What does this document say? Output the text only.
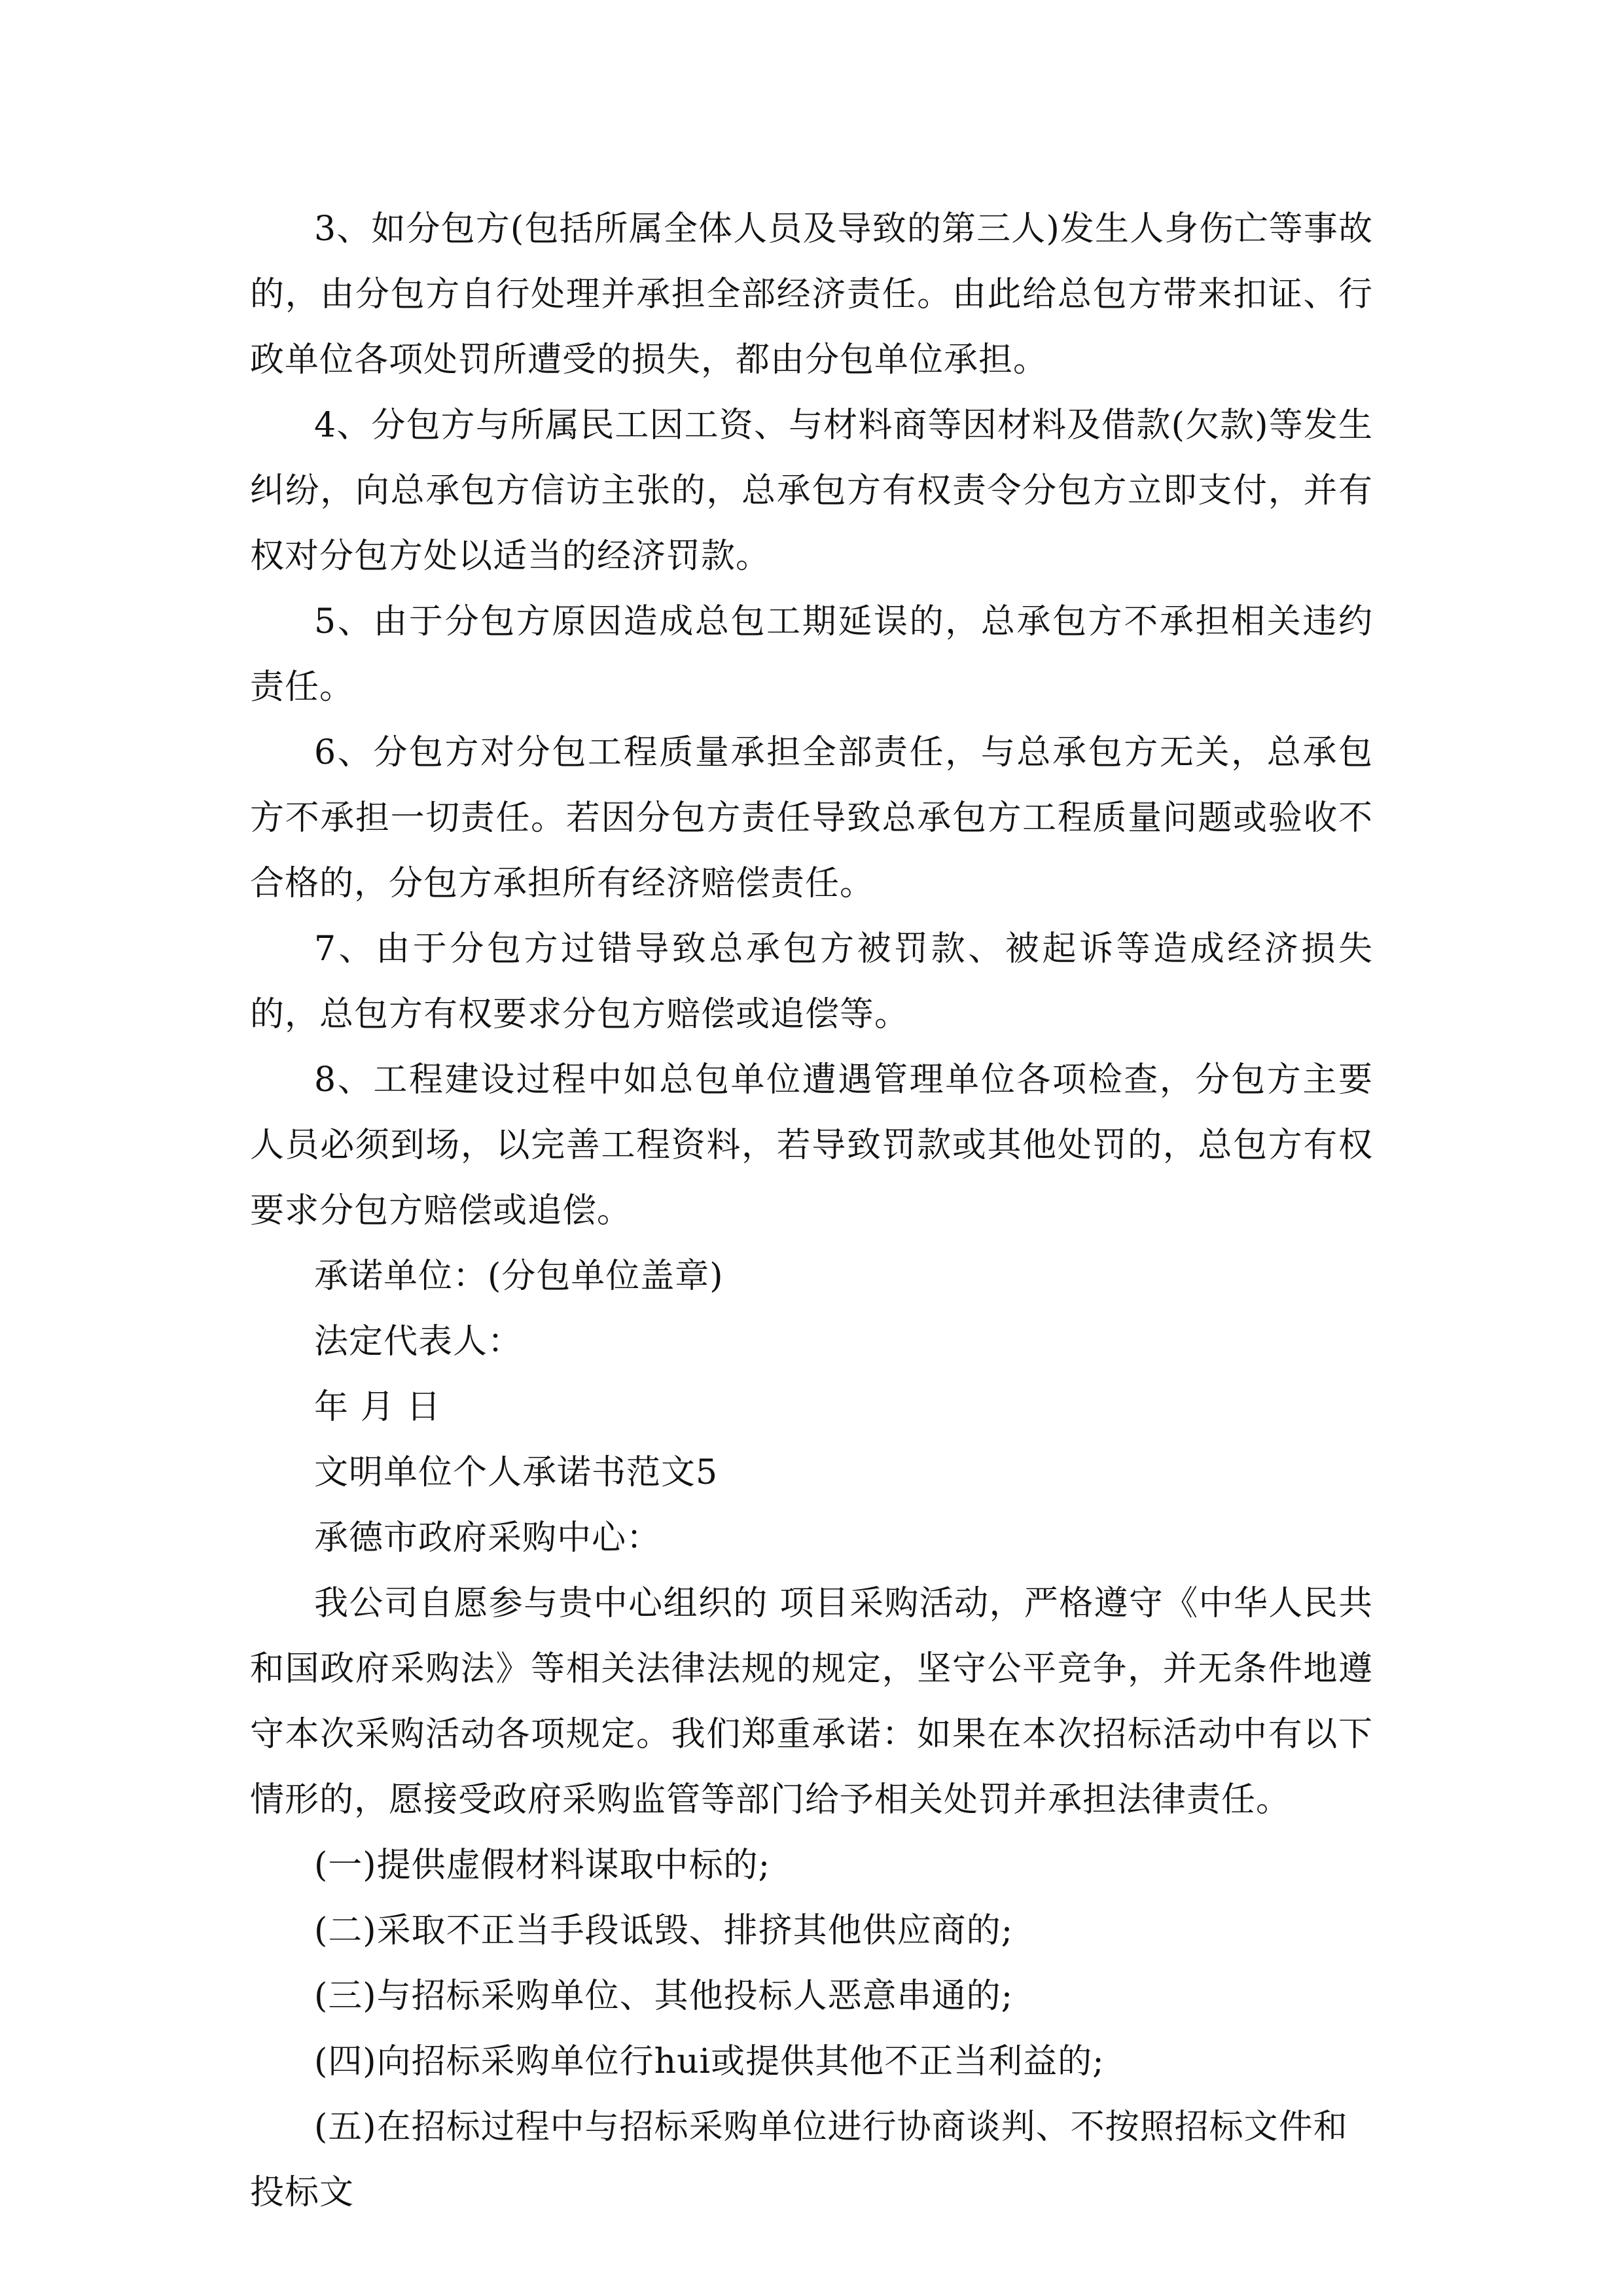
3、如分包方(包括所属全体人员及导致的第三人)发生人身伤亡等事故的，由分包方自行处理并承担全部经济责任。由此给总包方带来扣证、行政单位各项处罚所遭受的损失，都由分包单位承担。

4、分包方与所属民工因工资、与材料商等因材料及借款(欠款)等发生纠纷，向总承包方信访主张的，总承包方有权责令分包方立即支付，并有权对分包方处以适当的经济罚款。

5、由于分包方原因造成总包工期延误的，总承包方不承担相关违约责任。

6、分包方对分包工程质量承担全部责任，与总承包方无关，总承包方不承担一切责任。若因分包方责任导致总承包方工程质量问题或验收不合格的，分包方承担所有经济赔偿责任。

7、由于分包方过错导致总承包方被罚款、被起诉等造成经济损失的，总包方有权要求分包方赔偿或追偿等。

8、工程建设过程中如总包单位遭遇管理单位各项检查，分包方主要人员必须到场，以完善工程资料，若导致罚款或其他处罚的，总包方有权要求分包方赔偿或追偿。

承诺单位：(分包单位盖章)

法定代表人：

年 月 日

文明单位个人承诺书范文5

承德市政府采购中心：

我公司自愿参与贵中心组织的 项目采购活动，严格遵守《中华人民共和国政府采购法》等相关法律法规的规定，坚守公平竞争，并无条件地遵守本次采购活动各项规定。我们郑重承诺：如果在本次招标活动中有以下情形的，愿接受政府采购监管等部门给予相关处罚并承担法律责任。

(一)提供虚假材料谋取中标的;

(二)采取不正当手段诋毁、排挤其他供应商的;

(三)与招标采购单位、其他投标人恶意串通的;

(四)向招标采购单位行hui或提供其他不正当利益的;

(五)在招标过程中与招标采购单位进行协商谈判、不按照招标文件和投标文
